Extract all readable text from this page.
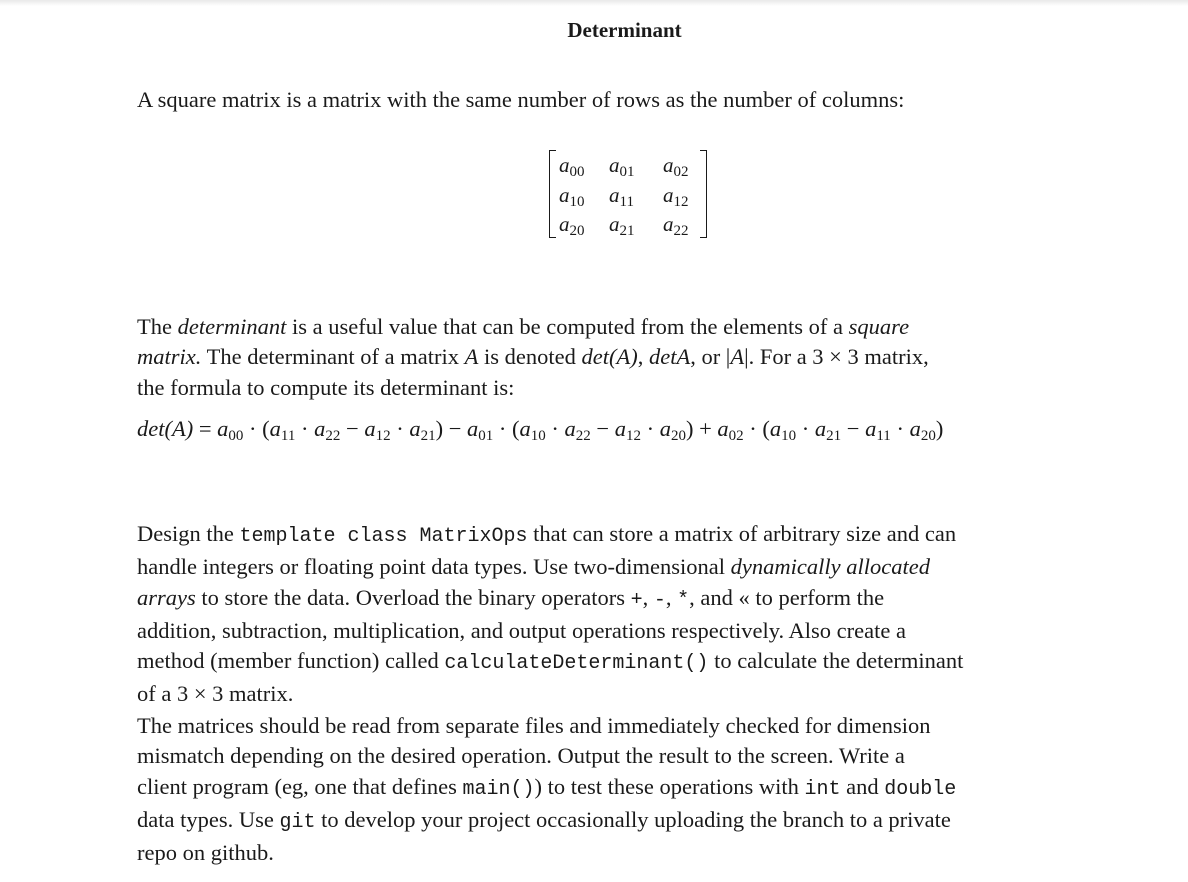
Determinant
A square matrix is a matrix with the same number of rows as the number of columns:
$a_{00}$	$a_{01}$	$a_{02}$
$a_{10}$	$a_{11}$	$a_{12}$
$a_{20}$	$a_{21}$	$a_{22}$
The determinant is a useful value that can be computed from the elements of a square
matrix. The determinant of a matrix A is denoted det(A), detA, or |A|. For a 3 × 3 matrix,
the formula to compute its determinant is:
$\det(A) = a_{00} \cdot (a_{11} \cdot a_{22} - a_{12} \cdot a_{21}) - a_{01} \cdot (a_{10} \cdot a_{22} - a_{12} \cdot a_{20}) + a_{02} \cdot (a_{10} \cdot a_{21} - a_{11} \cdot a_{20})$
Design the template class MatrixOps that can store a matrix of arbitrary size and can
handle integers or floating point data types. Use two-dimensional dynamically allocated
arrays to store the data. Overload the binary operators +, -, *, and « to perform the
addition, subtraction, multiplication, and output operations respectively. Also create a
method (member function) called calculateDeterminant() to calculate the determinant
of a 3 × 3 matrix.
The matrices should be read from separate files and immediately checked for dimension
mismatch depending on the desired operation. Output the result to the screen. Write a
client program (eg, one that defines main()) to test these operations with int and double
data types. Use git to develop your project occasionally uploading the branch to a private
repo on github.
